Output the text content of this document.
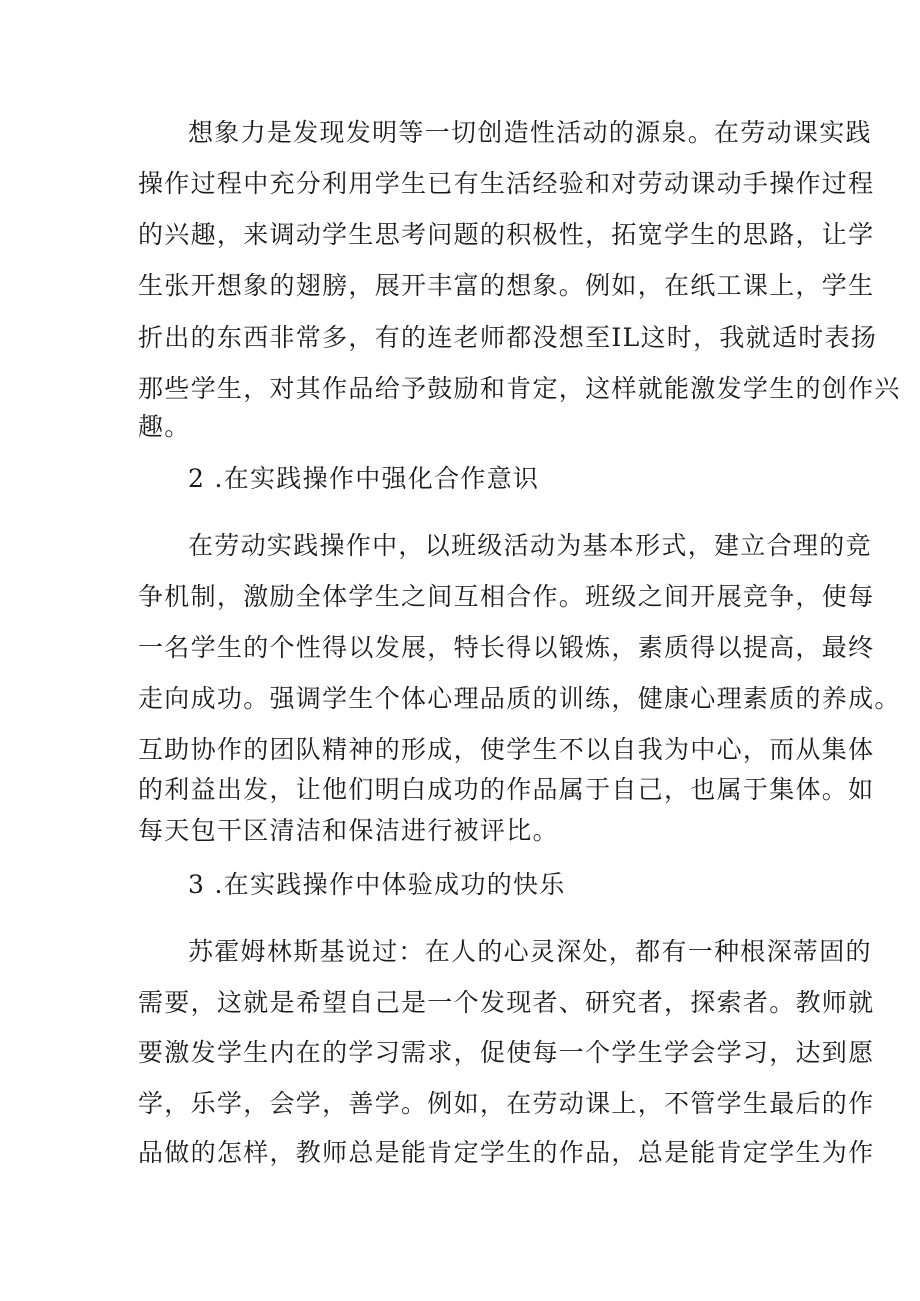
想象力是发现发明等一切创造性活动的源泉。在劳动课实践
操作过程中充分利用学生已有生活经验和对劳动课动手操作过程
的兴趣，来调动学生思考问题的积极性，拓宽学生的思路，让学
生张开想象的翅膀，展开丰富的想象。例如，在纸工课上，学生
折出的东西非常多，有的连老师都没想至IL这时，我就适时表扬
那些学生，对其作品给予鼓励和肯定，这样就能激发学生的创作兴
趣。
2 .在实践操作中强化合作意识
在劳动实践操作中，以班级活动为基本形式，建立合理的竞
争机制，激励全体学生之间互相合作。班级之间开展竞争，使每
一名学生的个性得以发展，特长得以锻炼，素质得以提高，最终
走向成功。强调学生个体心理品质的训练，健康心理素质的养成。
互助协作的团队精神的形成，使学生不以自我为中心，而从集体
的利益出发，让他们明白成功的作品属于自己，也属于集体。如
每天包干区清洁和保洁进行被评比。
3 .在实践操作中体验成功的快乐
苏霍姆林斯基说过：在人的心灵深处，都有一种根深蒂固的
需要，这就是希望自己是一个发现者、研究者，探索者。教师就
要激发学生内在的学习需求，促使每一个学生学会学习，达到愿
学，乐学，会学，善学。例如，在劳动课上，不管学生最后的作
品做的怎样，教师总是能肯定学生的作品，总是能肯定学生为作
